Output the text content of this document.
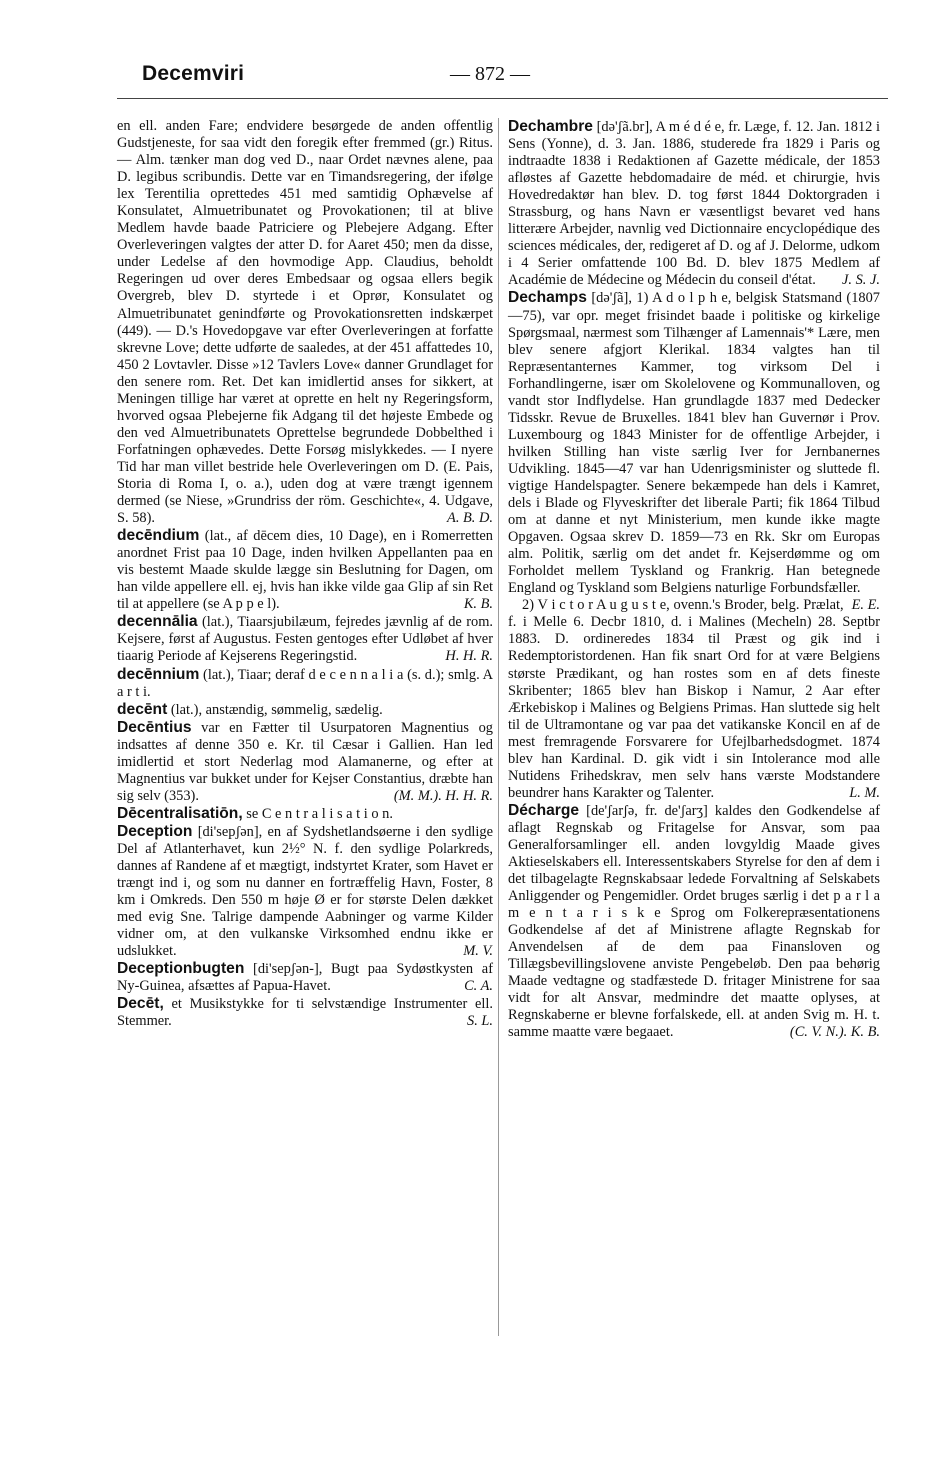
Decemviri	— 872 —

en ell. anden Fare; endvidere besørgede de anden offentlig Gudstjeneste, for saa vidt den foregik efter fremmed (gr.) Ritus. — Alm. tænker man dog ved D., naar Ordet nævnes alene, paa D. legibus scribundis. Dette var en Timandsregering, der ifølge lex Terentilia oprettedes 451 med samtidig Ophævelse af Konsulatet, Almuetribunatet og Provokationen; til at blive Medlem havde baade Patriciere og Plebejere Adgang. Efter Overleveringen valgtes der atter D. for Aaret 450; men da disse, under Ledelse af den hovmodige App. Claudius, beholdt Regeringen ud over deres Embedsaar og ogsaa ellers begik Overgreb, blev D. styrtede i et Oprør, Konsulatet og Almuetribunatet genindførte og Provokationsretten indskærpet (449). — D.'s Hovedopgave var efter Overleveringen at forfatte skrevne Love; dette udførte de saaledes, at der 451 affattedes 10, 450 2 Lovtavler. Disse »12 Tavlers Love« danner Grundlaget for den senere rom. Ret. Det kan imidlertid anses for sikkert, at Meningen tillige har været at oprette en helt ny Regeringsform, hvorved ogsaa Plebejerne fik Adgang til det højeste Embede og den ved Almuetribunatets Oprettelse begrundede Dobbelthed i Forfatningen ophævedes. Dette Forsøg mislykkedes. — I nyere Tid har man villet bestride hele Overleveringen om D. (E. Pais, Storia di Roma I, o. a.), uden dog at være trængt igennem dermed (se Niese, »Grundriss der röm. Geschichte«, 4. Udgave, S. 58).	A. B. D.

decēndium (lat., af dēcem dies, 10 Dage), en i Romerretten anordnet Frist paa 10 Dage, inden hvilken Appellanten paa en vis bestemt Maade skulde lægge sin Beslutning for Dagen, om han vilde appellere ell. ej, hvis han ikke vilde gaa Glip af sin Ret til at appellere (se A p p e l).	K. B.

decennālia (lat.), Tiaarsjubilæum, fejredes jævnlig af de rom. Kejsere, først af Augustus. Festen gentoges efter Udløbet af hver tiaarig Periode af Kejserens Regeringstid.	H. H. R.

decēnnium (lat.), Tiaar; deraf d e c e n n a l i a (s. d.); smlg. A a r t i.

decēnt (lat.), anstændig, sømmelig, sædelig.

Decēntius var en Fætter til Usurpatoren Magnentius og indsattes af denne 350 e. Kr. til Cæsar i Gallien. Han led imidlertid et stort Nederlag mod Alamanerne, og efter at Magnentius var bukket under for Kejser Constantius, dræbte han sig selv (353).	(M. M.). H. H. R.

Dēcentralisatiōn, se C e n t r a l i s a t i o n.

Deception [di'sepʃən], en af Sydshetlandsøerne i den sydlige Del af Atlanterhavet, kun 2½° N. f. den sydlige Polarkreds, dannes af Randene af et mægtigt, indstyrtet Krater, som Havet er trængt ind i, og som nu danner en fortræffelig Havn, Foster, 8 km i Omkreds. Den 550 m høje Ø er for største Delen dækket med evig Sne. Talrige dampende Aabninger og varme Kilder vidner om, at den vulkanske Virksomhed endnu ikke er udslukket.	M. V.

Deceptionbugten [di'sepʃən-], Bugt paa Sydøstkysten af Ny-Guinea, afsættes af Papua-Havet.	C. A.

Decēt, et Musikstykke for ti selvstændige Instrumenter ell. Stemmer.	S. L.

Dechambre [də'ʃã.br], A m é d é e, fr. Læge, f. 12. Jan. 1812 i Sens (Yonne), d. 3. Jan. 1886, studerede fra 1829 i Paris og indtraadte 1838 i Redaktionen af Gazette médicale, der 1853 afløstes af Gazette hebdomadaire de méd. et chirurgie, hvis Hovedredaktør han blev. D. tog først 1844 Doktorgraden i Strassburg, og hans Navn er væsentligst bevaret ved hans litterære Arbejder, navnlig ved Dictionnaire encyclopédique des sciences médicales, der, redigeret af D. og af J. Delorme, udkom i 4 Serier omfattende 100 Bd. D. blev 1875 Medlem af Académie de Médecine og Médecin du conseil d'état.	J. S. J.

Dechamps [də'ʃã], 1) A d o l p h e, belgisk Statsmand (1807—75), var opr. meget frisindet baade i politiske og kirkelige Spørgsmaal, nærmest som Tilhænger af Lamennais'* Lære, men blev senere afgjort Klerikal. 1834 valgtes han til Repræsentanternes Kammer, tog virksom Del i Forhandlingerne, især om Skolelovene og Kommunalloven, og vandt stor Indflydelse. Han grundlagde 1837 med Dedecker Tidsskr. Revue de Bruxelles. 1841 blev han Guvernør i Prov. Luxembourg og 1843 Minister for de offentlige Arbejder, i hvilken Stilling han viste særlig Iver for Jernbanernes Udvikling. 1845—47 var han Udenrigsminister og sluttede fl. vigtige Handelspagter. Senere bekæmpede han dels i Kamret, dels i Blade og Flyveskrifter det liberale Parti; fik 1864 Tilbud om at danne et nyt Ministerium, men kunde ikke magte Opgaven. Ogsaa skrev D. 1859—73 en Rk. Skr om Europas alm. Politik, særlig om det andet fr. Kejserdømme og om Forholdet mellem Tyskland og Frankrig. Han betegnede England og Tyskland som Belgiens naturlige Forbundsfæller.
E. E.

2) V i c t o r A u g u s t e, ovenn.'s Broder, belg. Prælat, f. i Melle 6. Decbr 1810, d. i Malines (Mecheln) 28. Septbr 1883. D. ordineredes 1834 til Præst og gik ind i Redemptoristordenen. Han fik snart Ord for at være Belgiens største Prædikant, og han rostes som en af dets fineste Skribenter; 1865 blev han Biskop i Namur, 2 Aar efter Ærkebiskop i Malines og Belgiens Primas. Han sluttede sig helt til de Ultramontane og var paa det vatikanske Koncil en af de mest fremragende Forsvarere for Ufejlbarhedsdogmet. 1874 blev han Kardinal. D. gik vidt i sin Intolerance mod alle Nutidens Frihedskrav, men selv hans værste Modstandere beundrer hans Karakter og Talenter.	L. M.

Décharge [de'ʃarʃə, fr. de'ʃarʒ] kaldes den Godkendelse af aflagt Regnskab og Fritagelse for Ansvar, som paa Generalforsamlinger ell. anden lovgyldig Maade gives Aktieselskabers ell. Interessentskabers Styrelse for den af dem i det tilbagelagte Regnskabsaar ledede Forvaltning af Selskabets Anliggender og Pengemidler. Ordet bruges særlig i det p a r l a m e n t a r i s k e Sprog om Folkerepræsentationens Godkendelse af det af Ministrene aflagte Regnskab for Anvendelsen af de dem paa Finansloven og Tillægsbevillingslovene anviste Pengebeløb. Den paa behørig Maade vedtagne og stadfæstede D. fritager Ministrene for saa vidt for alt Ansvar, medmindre det maatte oplyses, at Regnskaberne er blevne forfalskede, ell. at anden Svig m. H. t. samme maatte være begaaet.	(C. V. N.). K. B.
